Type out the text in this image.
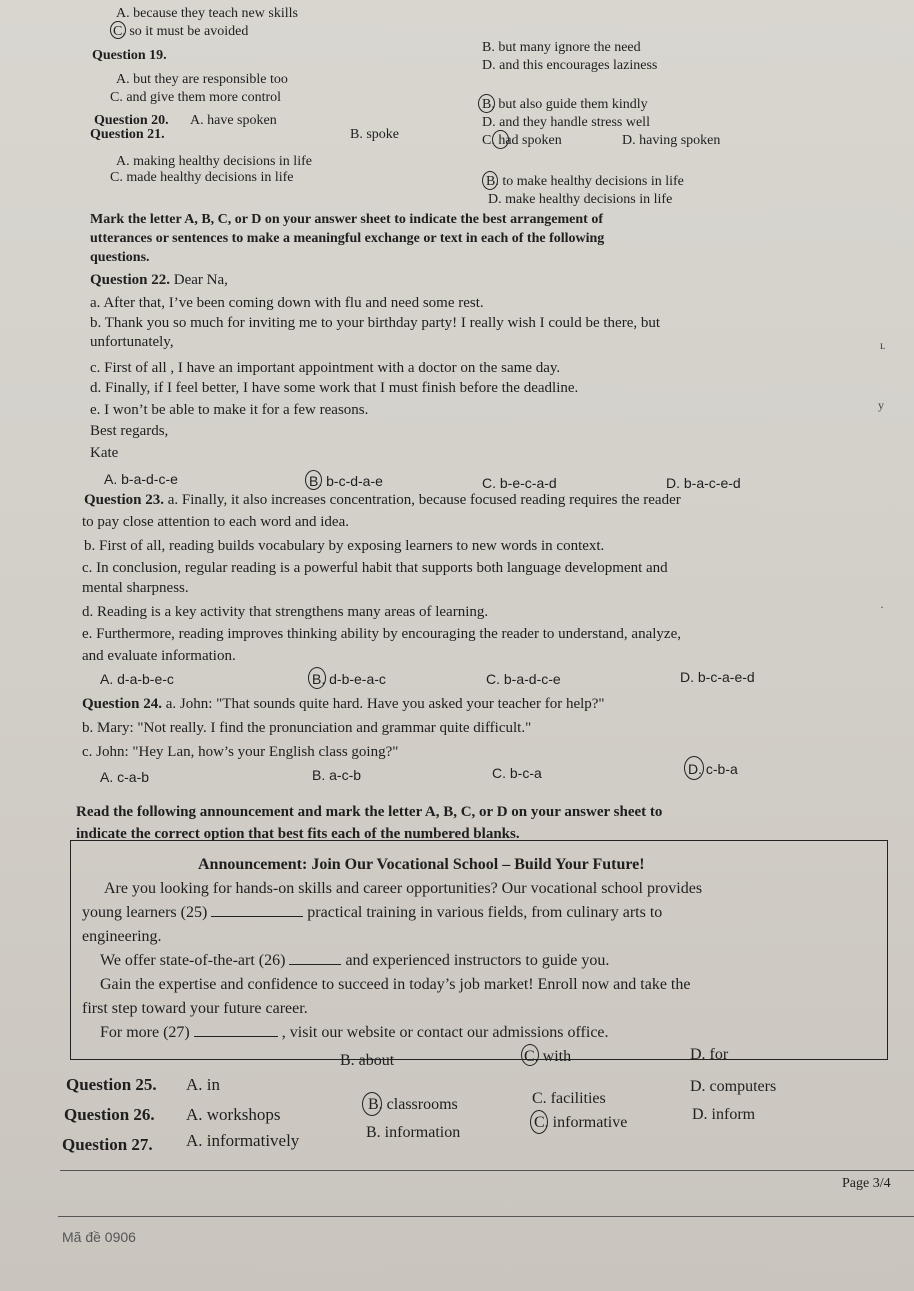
A. because they teach new skills
C. so it must be avoided
B. but many ignore the need
D. and this encourages laziness
Question 19.
A. but they are responsible too
C. and give them more control	B. but also guide them kindly
D. and they handle stress well
Question 20. A. have spoken
B. spoke	C. had spoken	D. having spoken
Question 21.
A. making healthy decisions in life
C. made healthy decisions in life	B. to make healthy decisions in life
D. make healthy decisions in life
Mark the letter A, B, C, or D on your answer sheet to indicate the best arrangement of
utterances or sentences to make a meaningful exchange or text in each of the following
questions.
Question 22. Dear Na,
a. After that, I’ve been coming down with flu and need some rest.
b. Thank you so much for inviting me to your birthday party! I really wish I could be there, but
unfortunately,
c. First of all , I have an important appointment with a doctor on the same day.
d. Finally, if I feel better, I have some work that I must finish before the deadline.
e. I won’t be able to make it for a few reasons.
Best regards,
Kate
A. b-a-d-c-e	B. b-c-d-a-e	C. b-e-c-a-d	D. b-a-c-e-d
Question 23. a. Finally, it also increases concentration, because focused reading requires the reader
to pay close attention to each word and idea.
b. First of all, reading builds vocabulary by exposing learners to new words in context.
c. In conclusion, regular reading is a powerful habit that supports both language development and
mental sharpness.
d. Reading is a key activity that strengthens many areas of learning.
e. Furthermore, reading improves thinking ability by encouraging the reader to understand, analyze,
and evaluate information.
A. d-a-b-e-c	B. d-b-e-a-c	C. b-a-d-c-e	D. b-c-a-e-d
Question 24. a. John: "That sounds quite hard. Have you asked your teacher for help?"
b. Mary: "Not really. I find the pronunciation and grammar quite difficult."
c. John: "Hey Lan, how’s your English class going?"
A. c-a-b	B. a-c-b	C. b-c-a	D. c-b-a
Read the following announcement and mark the letter A, B, C, or D on your answer sheet to
indicate the correct option that best fits each of the numbered blanks.
Announcement: Join Our Vocational School – Build Your Future!
Are you looking for hands-on skills and career opportunities? Our vocational school provides
young learners (25)	practical training in various fields, from culinary arts to
engineering.
We offer state-of-the-art (26)	and experienced instructors to guide you.
Gain the expertise and confidence to succeed in today’s job market! Enroll now and take the
first step toward your future career.
For more (27)	, visit our website or contact our admissions office.
Question 25. A. in
B. about	C. with	D. for
Question 26. A. workshops
B. classrooms	C. facilities
D. computers
Question 27. A. informatively	B. information
C. informative	D. inform
Page 3/4
Mã đề 0906
ʟ
y
·
